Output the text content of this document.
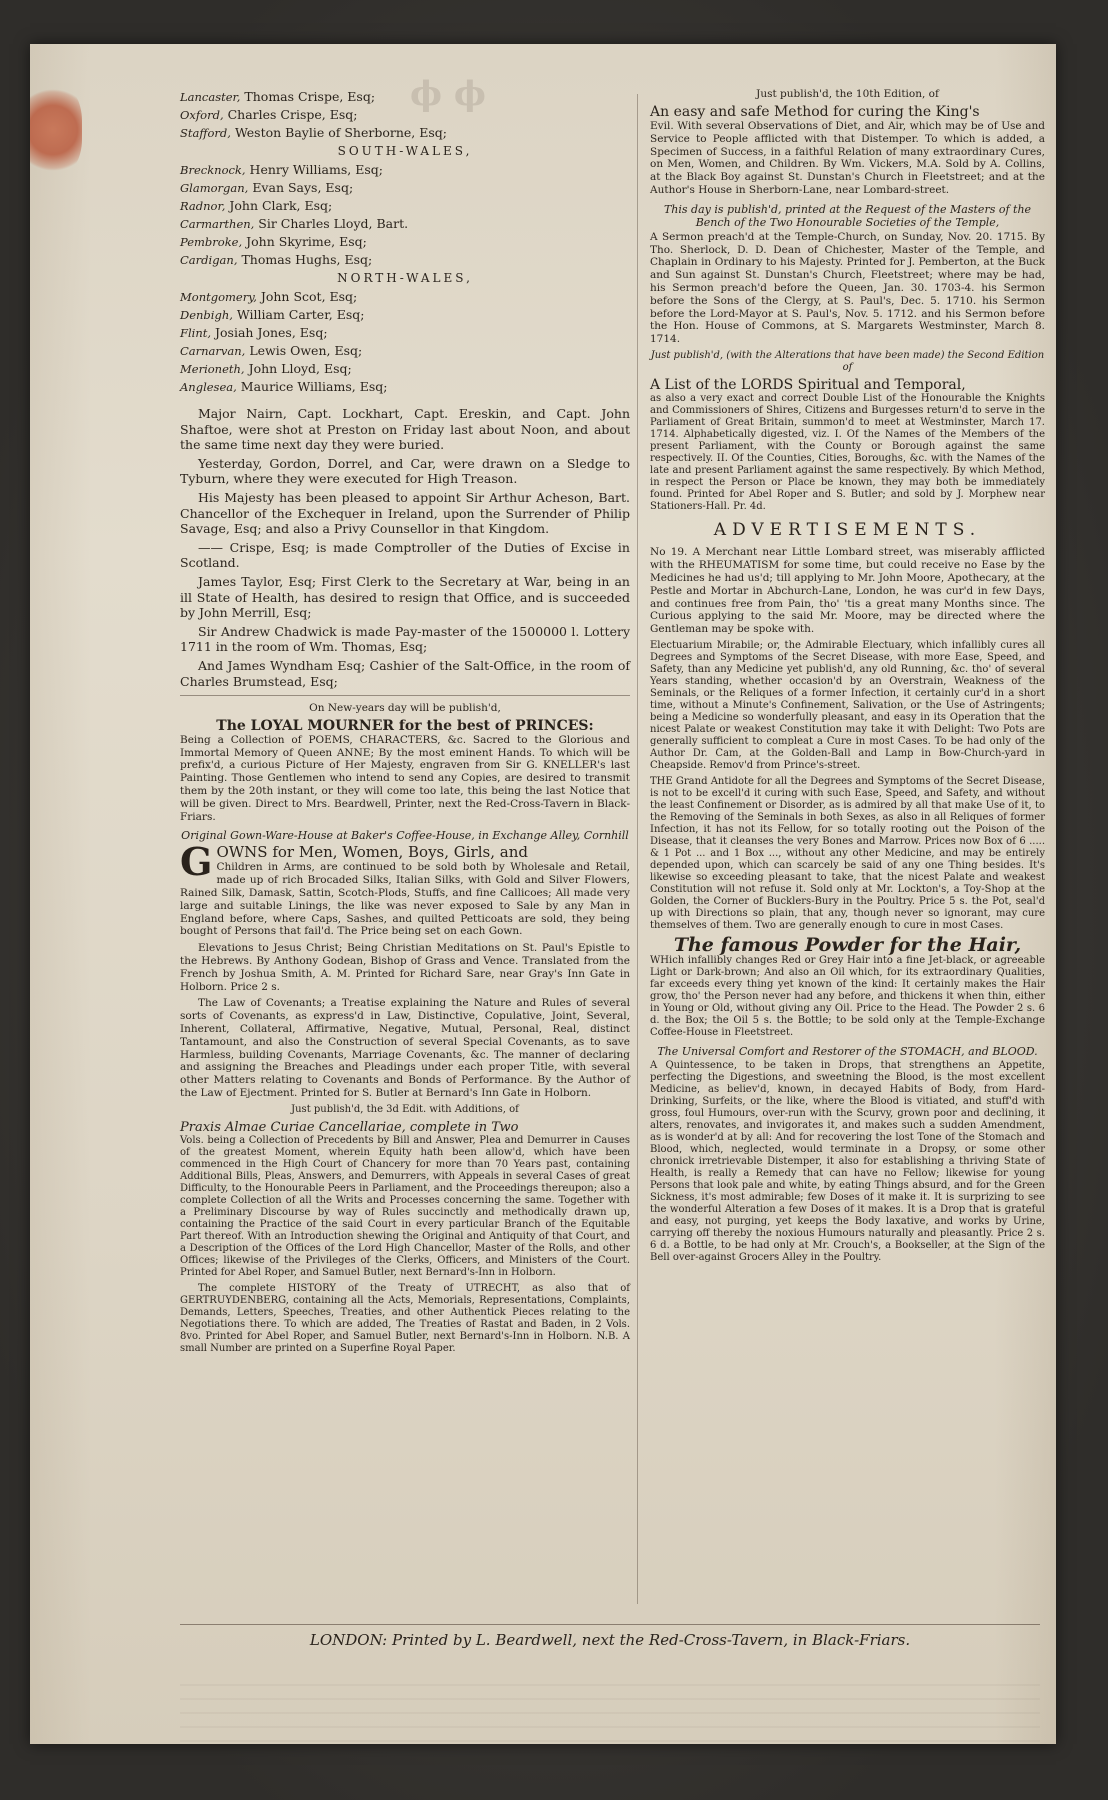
ϕ ϕ

Lancaster, Thomas Crispe, Esq;

Oxford, Charles Crispe, Esq;

Stafford, Weston Baylie of Sherborne, Esq;

SOUTH-WALES,

Brecknock, Henry Williams, Esq;

Glamorgan, Evan Says, Esq;

Radnor, John Clark, Esq;

Carmarthen, Sir Charles Lloyd, Bart.

Pembroke, John Skyrime, Esq;

Cardigan, Thomas Hughs, Esq;

NORTH-WALES,

Montgomery, John Scot, Esq;

Denbigh, William Carter, Esq;

Flint, Josiah Jones, Esq;

Carnarvan, Lewis Owen, Esq;

Merioneth, John Lloyd, Esq;

Anglesea, Maurice Williams, Esq;

Major Nairn, Capt. Lockhart, Capt. Ereskin, and Capt. John Shaftoe, were shot at Preston on Friday last about Noon, and about the same time next day they were buried.

Yesterday, Gordon, Dorrel, and Car, were drawn on a Sledge to Tyburn, where they were executed for High Treason.

His Majesty has been pleased to appoint Sir Arthur Acheson, Bart. Chancellor of the Exchequer in Ireland, upon the Surrender of Philip Savage, Esq; and also a Privy Counsellor in that Kingdom.

—— Crispe, Esq; is made Comptroller of the Duties of Excise in Scotland.

James Taylor, Esq; First Clerk to the Secretary at War, being in an ill State of Health, has desired to resign that Office, and is succeeded by John Merrill, Esq;

Sir Andrew Chadwick is made Pay-master of the 1500000 l. Lottery 1711 in the room of Wm. Thomas, Esq;

And James Wyndham Esq; Cashier of the Salt-Office, in the room of Charles Brumstead, Esq;

On New-years day will be publish'd,

The LOYAL MOURNER for the best of PRINCES:

Being a Collection of POEMS, CHARACTERS, &c. Sacred to the Glorious and Immortal Memory of Queen ANNE; By the most eminent Hands. To which will be prefix'd, a curious Picture of Her Majesty, engraven from Sir G. KNELLER's last Painting. Those Gentlemen who intend to send any Copies, are desired to transmit them by the 20th instant, or they will come too late, this being the last Notice that will be given. Direct to Mrs. Beardwell, Printer, next the Red-Cross-Tavern in Black-Friars.

Original Gown-Ware-House at Baker's Coffee-House, in Exchange Alley, Cornhill

G OWNS for Men, Women, Boys, Girls, and

Children in Arms, are continued to be sold both by Wholesale and Retail, made up of rich Brocaded Silks, Italian Silks, with Gold and Silver Flowers, Rained Silk, Damask, Sattin, Scotch-Plods, Stuffs, and fine Callicoes; All made very large and suitable Linings, the like was never exposed to Sale by any Man in England before, where Caps, Sashes, and quilted Petticoats are sold, they being bought of Persons that fail'd. The Price being set on each Gown.

Elevations to Jesus Christ; Being Christian Meditations on St. Paul's Epistle to the Hebrews. By Anthony Godean, Bishop of Grass and Vence. Translated from the French by Joshua Smith, A. M. Printed for Richard Sare, near Gray's Inn Gate in Holborn. Price 2 s.

The Law of Covenants; a Treatise explaining the Nature and Rules of several sorts of Covenants, as express'd in Law, Distinctive, Copulative, Joint, Several, Inherent, Collateral, Affirmative, Negative, Mutual, Personal, Real, distinct Tantamount, and also the Construction of several Special Covenants, as to save Harmless, building Covenants, Marriage Covenants, &c. The manner of declaring and assigning the Breaches and Pleadings under each proper Title, with several other Matters relating to Covenants and Bonds of Performance. By the Author of the Law of Ejectment. Printed for S. Butler at Bernard's Inn Gate in Holborn.

Just publish'd, the 3d Edit. with Additions, of

Praxis Almae Curiae Cancellariae, complete in Two

Vols. being a Collection of Precedents by Bill and Answer, Plea and Demurrer in Causes of the greatest Moment, wherein Equity hath been allow'd, which have been commenced in the High Court of Chancery for more than 70 Years past, containing Additional Bills, Pleas, Answers, and Demurrers, with Appeals in several Cases of great Difficulty, to the Honourable Peers in Parliament, and the Proceedings thereupon; also a complete Collection of all the Writs and Processes concerning the same. Together with a Preliminary Discourse by way of Rules succinctly and methodically drawn up, containing the Practice of the said Court in every particular Branch of the Equitable Part thereof. With an Introduction shewing the Original and Antiquity of that Court, and a Description of the Offices of the Lord High Chancellor, Master of the Rolls, and other Offices; likewise of the Privileges of the Clerks, Officers, and Ministers of the Court. Printed for Abel Roper, and Samuel Butler, next Bernard's-Inn in Holborn.

The complete HISTORY of the Treaty of UTRECHT, as also that of GERTRUYDENBERG, containing all the Acts, Memorials, Representations, Complaints, Demands, Letters, Speeches, Treaties, and other Authentick Pieces relating to the Negotiations there. To which are added, The Treaties of Rastat and Baden, in 2 Vols. 8vo. Printed for Abel Roper, and Samuel Butler, next Bernard's-Inn in Holborn. N.B. A small Number are printed on a Superfine Royal Paper.

Just publish'd, the 10th Edition, of

An easy and safe Method for curing the King's

Evil. With several Observations of Diet, and Air, which may be of Use and Service to People afflicted with that Distemper. To which is added, a Specimen of Success, in a faithful Relation of many extraordinary Cures, on Men, Women, and Children. By Wm. Vickers, M.A. Sold by A. Collins, at the Black Boy against St. Dunstan's Church in Fleetstreet; and at the Author's House in Sherborn-Lane, near Lombard-street.

This day is publish'd, printed at the Request of the Masters of the Bench of the Two Honourable Societies of the Temple,

A Sermon preach'd at the Temple-Church, on Sunday, Nov. 20. 1715. By Tho. Sherlock, D. D. Dean of Chichester, Master of the Temple, and Chaplain in Ordinary to his Majesty. Printed for J. Pemberton, at the Buck and Sun against St. Dunstan's Church, Fleetstreet; where may be had, his Sermon preach'd before the Queen, Jan. 30. 1703-4. his Sermon before the Sons of the Clergy, at S. Paul's, Dec. 5. 1710. his Sermon before the Lord-Mayor at S. Paul's, Nov. 5. 1712. and his Sermon before the Hon. House of Commons, at S. Margarets Westminster, March 8. 1714.

Just publish'd, (with the Alterations that have been made) the Second Edition of

A List of the LORDS Spiritual and Temporal,

as also a very exact and correct Double List of the Honourable the Knights and Commissioners of Shires, Citizens and Burgesses return'd to serve in the Parliament of Great Britain, summon'd to meet at Westminster, March 17. 1714. Alphabetically digested, viz. I. Of the Names of the Members of the present Parliament, with the County or Borough against the same respectively. II. Of the Counties, Cities, Boroughs, &c. with the Names of the late and present Parliament against the same respectively. By which Method, in respect the Person or Place be known, they may both be immediately found. Printed for Abel Roper and S. Butler; and sold by J. Morphew near Stationers-Hall. Pr. 4d.

ADVERTISEMENTS.

No 19. A Merchant near Little Lombard street, was miserably afflicted with the RHEUMATISM for some time, but could receive no Ease by the Medicines he had us'd; till applying to Mr. John Moore, Apothecary, at the Pestle and Mortar in Abchurch-Lane, London, he was cur'd in few Days, and continues free from Pain, tho' 'tis a great many Months since. The Curious applying to the said Mr. Moore, may be directed where the Gentleman may be spoke with.

Electuarium Mirabile; or, the Admirable Electuary, which infallibly cures all Degrees and Symptoms of the Secret Disease, with more Ease, Speed, and Safety, than any Medicine yet publish'd, any old Running, &c. tho' of several Years standing, whether occasion'd by an Overstrain, Weakness of the Seminals, or the Reliques of a former Infection, it certainly cur'd in a short time, without a Minute's Confinement, Salivation, or the Use of Astringents; being a Medicine so wonderfully pleasant, and easy in its Operation that the nicest Palate or weakest Constitution may take it with Delight: Two Pots are generally sufficient to compleat a Cure in most Cases. To be had only of the Author Dr. Cam, at the Golden-Ball and Lamp in Bow-Church-yard in Cheapside. Remov'd from Prince's-street.

THE Grand Antidote for all the Degrees and Symptoms of the Secret Disease, is not to be excell'd it curing with such Ease, Speed, and Safety, and without the least Confinement or Disorder, as is admired by all that make Use of it, to the Removing of the Seminals in both Sexes, as also in all Reliques of former Infection, it has not its Fellow, for so totally rooting out the Poison of the Disease, that it cleanses the very Bones and Marrow. Prices now Box of 6 ..... & 1 Pot ... and 1 Box ..., without any other Medicine, and may be entirely depended upon, which can scarcely be said of any one Thing besides. It's likewise so exceeding pleasant to take, that the nicest Palate and weakest Constitution will not refuse it. Sold only at Mr. Lockton's, a Toy-Shop at the Golden, the Corner of Bucklers-Bury in the Poultry. Price 5 s. the Pot, seal'd up with Directions so plain, that any, though never so ignorant, may cure themselves of them. Two are generally enough to cure in most Cases.

The famous Powder for the Hair,

WHich infallibly changes Red or Grey Hair into a fine Jet-black, or agreeable Light or Dark-brown; And also an Oil which, for its extraordinary Qualities, far exceeds every thing yet known of the kind: It certainly makes the Hair grow, tho' the Person never had any before, and thickens it when thin, either in Young or Old, without giving any Oil. Price to the Head. The Powder 2 s. 6 d. the Box; the Oil 5 s. the Bottle; to be sold only at the Temple-Exchange Coffee-House in Fleetstreet.

The Universal Comfort and Restorer of the STOMACH, and BLOOD.

A Quintessence, to be taken in Drops, that strengthens an Appetite, perfecting the Digestions, and sweetning the Blood, is the most excellent Medicine, as believ'd, known, in decayed Habits of Body, from Hard-Drinking, Surfeits, or the like, where the Blood is vitiated, and stuff'd with gross, foul Humours, over-run with the Scurvy, grown poor and declining, it alters, renovates, and invigorates it, and makes such a sudden Amendment, as is wonder'd at by all: And for recovering the lost Tone of the Stomach and Blood, which, neglected, would terminate in a Dropsy, or some other chronick irretrievable Distemper, it also for establishing a thriving State of Health, is really a Remedy that can have no Fellow; likewise for young Persons that look pale and white, by eating Things absurd, and for the Green Sickness, it's most admirable; few Doses of it make it. It is surprizing to see the wonderful Alteration a few Doses of it makes. It is a Drop that is grateful and easy, not purging, yet keeps the Body laxative, and works by Urine, carrying off thereby the noxious Humours naturally and pleasantly. Price 2 s. 6 d. a Bottle, to be had only at Mr. Crouch's, a Bookseller, at the Sign of the Bell over-against Grocers Alley in the Poultry.

LONDON: Printed by L. Beardwell, next the Red-Cross-Tavern, in Black-Friars.
